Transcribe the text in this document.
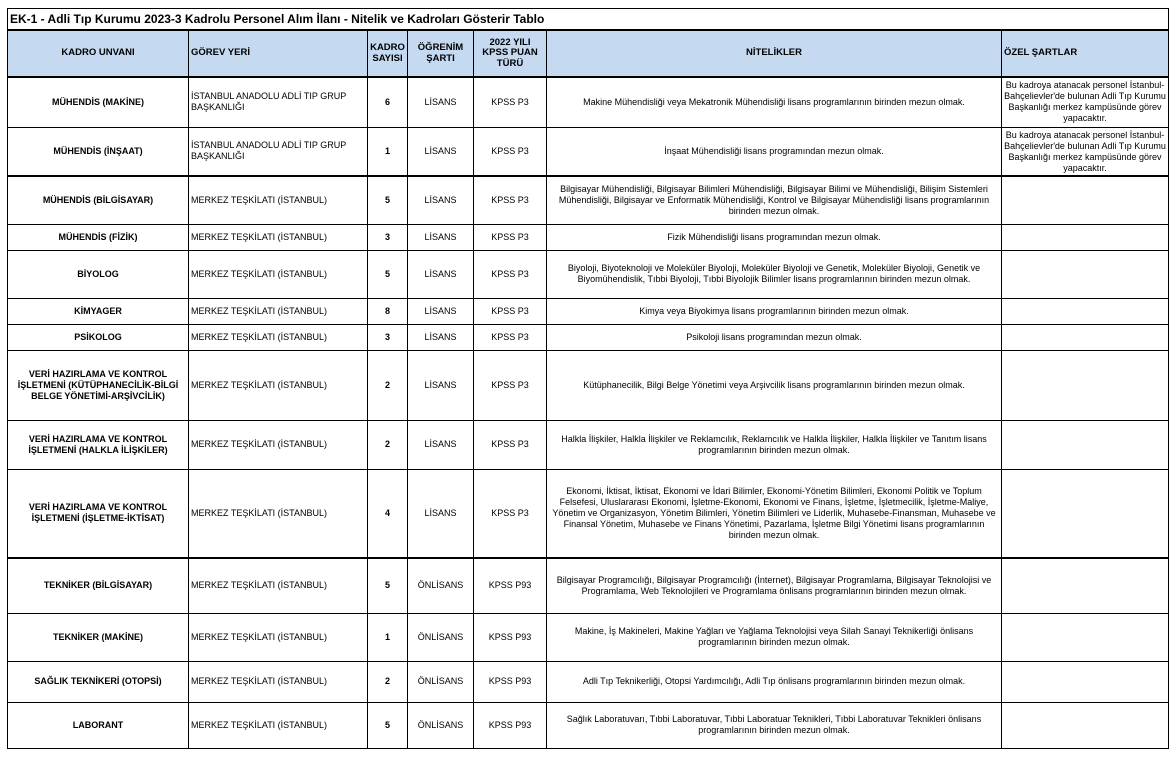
EK-1 - Adli Tıp Kurumu 2023-3 Kadrolu Personel Alım İlanı - Nitelik ve Kadroları Gösterir Tablo						
KADRO UNVANI	GÖREV YERİ	KADRO SAYISI	ÖĞRENİM ŞARTI	2022 YILI KPSS PUAN TÜRÜ	NİTELİKLER	ÖZEL ŞARTLAR
MÜHENDİS (MAKİNE)	İSTANBUL ANADOLU ADLİ TIP GRUP BAŞKANLIĞI	6	LİSANS	KPSS P3	Makine Mühendisliği veya Mekatronik Mühendisliği lisans programlarının birinden mezun olmak.	Bu kadroya atanacak personel İstanbul-Bahçelievler'de bulunan Adli Tıp Kurumu Başkanlığı merkez kampüsünde görev yapacaktır.
MÜHENDİS (İNŞAAT)	İSTANBUL ANADOLU ADLİ TIP GRUP BAŞKANLIĞI	1	LİSANS	KPSS P3	İnşaat Mühendisliği lisans programından mezun olmak.	Bu kadroya atanacak personel İstanbul-Bahçelievler'de bulunan Adli Tıp Kurumu Başkanlığı merkez kampüsünde görev yapacaktır.
MÜHENDİS (BİLGİSAYAR)	MERKEZ TEŞKİLATI (İSTANBUL)	5	LİSANS	KPSS P3	Bilgisayar Mühendisliği, Bilgisayar Bilimleri Mühendisliği, Bilgisayar Bilimi ve Mühendisliği, Bilişim Sistemleri Mühendisliği, Bilgisayar ve Enformatik Mühendisliği, Kontrol ve Bilgisayar Mühendisliği lisans programlarının birinden mezun olmak.	
MÜHENDİS (FİZİK)	MERKEZ TEŞKİLATI (İSTANBUL)	3	LİSANS	KPSS P3	Fizik Mühendisliği lisans programından mezun olmak.	
BİYOLOG	MERKEZ TEŞKİLATI (İSTANBUL)	5	LİSANS	KPSS P3	Biyoloji, Biyoteknoloji ve Moleküler Biyoloji, Moleküler Biyoloji ve Genetik, Moleküler Biyoloji, Genetik ve Biyomühendislik, Tıbbi Biyoloji, Tıbbi Biyolojik Bilimler lisans programlarının birinden mezun olmak.	
KİMYAGER	MERKEZ TEŞKİLATI (İSTANBUL)	8	LİSANS	KPSS P3	Kimya veya Biyokimya lisans programlarının birinden mezun olmak.	
PSİKOLOG	MERKEZ TEŞKİLATI (İSTANBUL)	3	LİSANS	KPSS P3	Psikoloji lisans programından mezun olmak.	
VERİ HAZIRLAMA VE KONTROL İŞLETMENİ (KÜTÜPHANECİLİK-BİLGİ BELGE YÖNETİMİ-ARŞİVCİLİK)	MERKEZ TEŞKİLATI (İSTANBUL)	2	LİSANS	KPSS P3	Kütüphanecilik, Bilgi Belge Yönetimi veya Arşivcilik lisans programlarının birinden mezun olmak.	
VERİ HAZIRLAMA VE KONTROL İŞLETMENİ (HALKLA İLİŞKİLER)	MERKEZ TEŞKİLATI (İSTANBUL)	2	LİSANS	KPSS P3	Halkla İlişkiler, Halkla İlişkiler ve Reklamcılık, Reklamcılık ve Halkla İlişkiler, Halkla İlişkiler ve Tanıtım lisans programlarının birinden mezun olmak.	
VERİ HAZIRLAMA VE KONTROL İŞLETMENİ (İŞLETME-İKTİSAT)	MERKEZ TEŞKİLATI (İSTANBUL)	4	LİSANS	KPSS P3	Ekonomi, İktisat, İktisat, Ekonomi ve İdari Bilimler, Ekonomi-Yönetim Bilimleri, Ekonomi Politik ve Toplum Felsefesi, Uluslararası Ekonomi, İşletme-Ekonomi, Ekonomi ve Finans, İşletme, İşletmecilik, İşletme-Maliye, Yönetim ve Organizasyon, Yönetim Bilimleri, Yönetim Bilimleri ve Liderlik, Muhasebe-Finansman, Muhasebe ve Finansal Yönetim, Muhasebe ve Finans Yönetimi, Pazarlama, İşletme Bilgi Yönetimi lisans programlarının birinden mezun olmak.	
TEKNİKER (BİLGİSAYAR)	MERKEZ TEŞKİLATI (İSTANBUL)	5	ÖNLİSANS	KPSS P93	Bilgisayar Programcılığı, Bilgisayar Programcılığı (İnternet), Bilgisayar Programlama, Bilgisayar Teknolojisi ve Programlama, Web Teknolojileri ve Programlama önlisans programlarının birinden mezun olmak.	
TEKNİKER (MAKİNE)	MERKEZ TEŞKİLATI (İSTANBUL)	1	ÖNLİSANS	KPSS P93	Makine, İş Makineleri, Makine Yağları ve Yağlama Teknolojisi veya Silah Sanayi Teknikerliği önlisans programlarının birinden mezun olmak.	
SAĞLIK TEKNİKERİ (OTOPSİ)	MERKEZ TEŞKİLATI (İSTANBUL)	2	ÖNLİSANS	KPSS P93	Adli Tıp Teknikerliği, Otopsi Yardımcılığı, Adli Tıp önlisans programlarının birinden mezun olmak.	
LABORANT	MERKEZ TEŞKİLATI (İSTANBUL)	5	ÖNLİSANS	KPSS P93	Sağlık Laboratuvarı, Tıbbi Laboratuvar, Tıbbi Laboratuar Teknikleri, Tıbbi Laboratuvar Teknikleri önlisans programlarının birinden mezun olmak.	
